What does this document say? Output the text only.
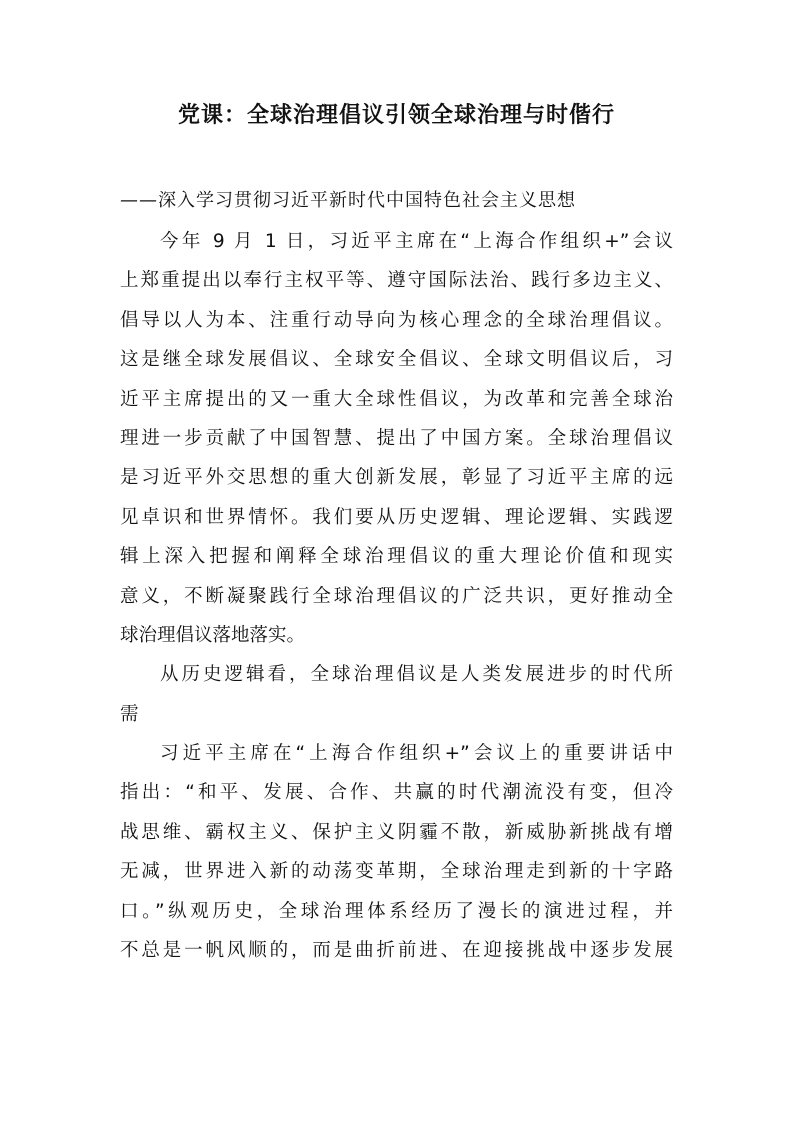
党课：全球治理倡议引领全球治理与时偕行
——深入学习贯彻习近平新时代中国特色社会主义思想
今年 9 月 1 日，习近平主席在“上海合作组织+”会议
上郑重提出以奉行主权平等、遵守国际法治、践行多边主义、
倡导以人为本、注重行动导向为核心理念的全球治理倡议。
这是继全球发展倡议、全球安全倡议、全球文明倡议后，习
近平主席提出的又一重大全球性倡议，为改革和完善全球治
理进一步贡献了中国智慧、提出了中国方案。全球治理倡议
是习近平外交思想的重大创新发展，彰显了习近平主席的远
见卓识和世界情怀。我们要从历史逻辑、理论逻辑、实践逻
辑上深入把握和阐释全球治理倡议的重大理论价值和现实
意义，不断凝聚践行全球治理倡议的广泛共识，更好推动全
球治理倡议落地落实。
从历史逻辑看，全球治理倡议是人类发展进步的时代所
需
习近平主席在“上海合作组织+”会议上的重要讲话中
指出：“和平、发展、合作、共赢的时代潮流没有变，但冷
战思维、霸权主义、保护主义阴霾不散，新威胁新挑战有增
无减，世界进入新的动荡变革期，全球治理走到新的十字路
口。”纵观历史，全球治理体系经历了漫长的演进过程，并
不总是一帆风顺的，而是曲折前进、在迎接挑战中逐步发展
